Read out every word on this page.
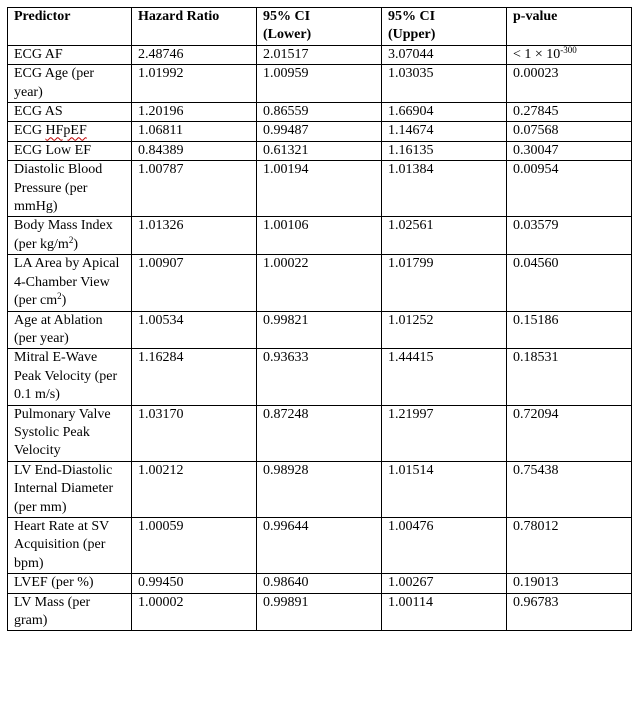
Predictor	Hazard Ratio	95% CI (Lower)	95% CI (Upper)	p-value
ECG AF	2.48746	2.01517	3.07044	< $1 \times 10^{-300}$
ECG Age (per year)	1.01992	1.00959	1.03035	0.00023
ECG AS	1.20196	0.86559	1.66904	0.27845
ECG HFpEF	1.06811	0.99487	1.14674	0.07568
ECG Low EF	0.84389	0.61321	1.16135	0.30047
Diastolic Blood Pressure (per mmHg)	1.00787	1.00194	1.01384	0.00954
Body Mass Index (per $kg/m^2$)	1.01326	1.00106	1.02561	0.03579
LA Area by Apical 4-Chamber View (per $cm^2$)	1.00907	1.00022	1.01799	0.04560
Age at Ablation (per year)	1.00534	0.99821	1.01252	0.15186
Mitral E-Wave Peak Velocity (per 0.1 m/s)	1.16284	0.93633	1.44415	0.18531
Pulmonary Valve Systolic Peak Velocity	1.03170	0.87248	1.21997	0.72094
LV End-Diastolic Internal Diameter (per mm)	1.00212	0.98928	1.01514	0.75438
Heart Rate at SV Acquisition (per bpm)	1.00059	0.99644	1.00476	0.78012
LVEF (per %)	0.99450	0.98640	1.00267	0.19013
LV Mass (per gram)	1.00002	0.99891	1.00114	0.96783
